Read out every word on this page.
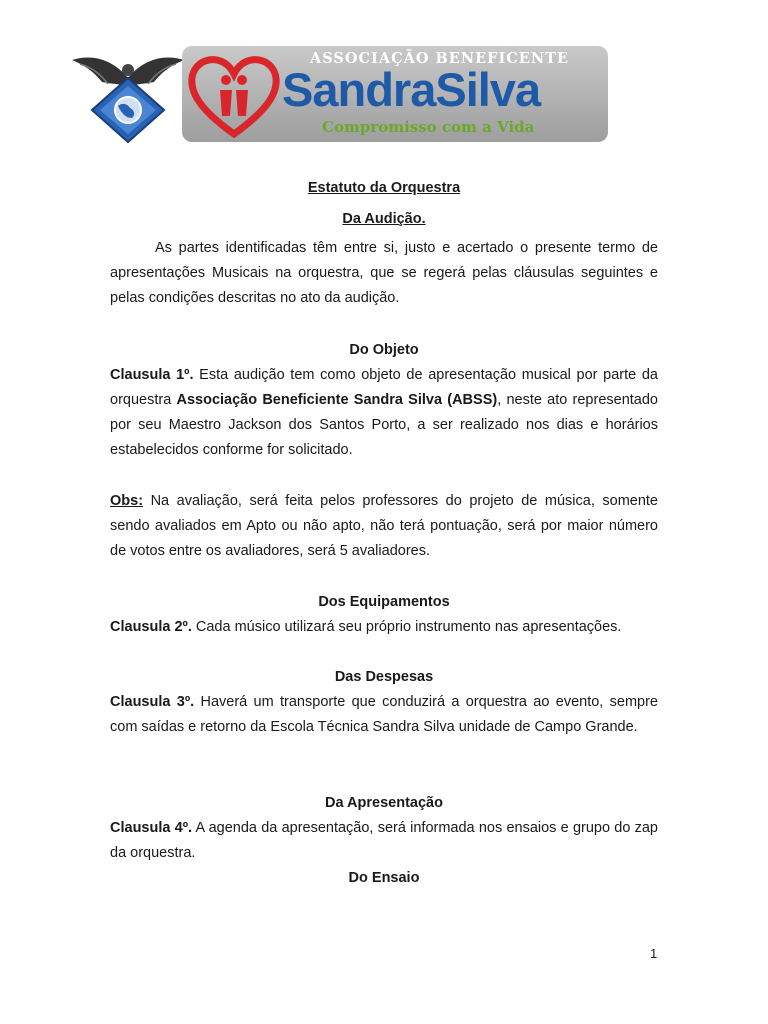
ASSOCIAÇÃO BENEFICENTE
SandraSilva
Compromisso com a Vida

Estatuto da Orquestra

Da Audição.

As partes identificadas têm entre si, justo e acertado o presente termo de apresentações Musicais na orquestra, que se regerá pelas cláusulas seguintes e pelas condições descritas no ato da audição.

Do Objeto

Clausula 1º. Esta audição tem como objeto de apresentação musical por parte da orquestra Associação Beneficiente Sandra Silva (ABSS), neste ato representado por seu Maestro Jackson dos Santos Porto, a ser realizado nos dias e horários estabelecidos conforme for solicitado.

Obs: Na avaliação, será feita pelos professores do projeto de música, somente sendo avaliados em Apto ou não apto, não terá pontuação, será por maior número de votos entre os avaliadores, será 5 avaliadores.

Dos Equipamentos

Clausula 2º. Cada músico utilizará seu próprio instrumento nas apresentações.

Das Despesas

Clausula 3º. Haverá um transporte que conduzirá a orquestra ao evento, sempre com saídas e retorno da Escola Técnica Sandra Silva unidade de Campo Grande.

Da Apresentação

Clausula 4º. A agenda da apresentação, será informada nos ensaios e grupo do zap da orquestra.

Do Ensaio

1
